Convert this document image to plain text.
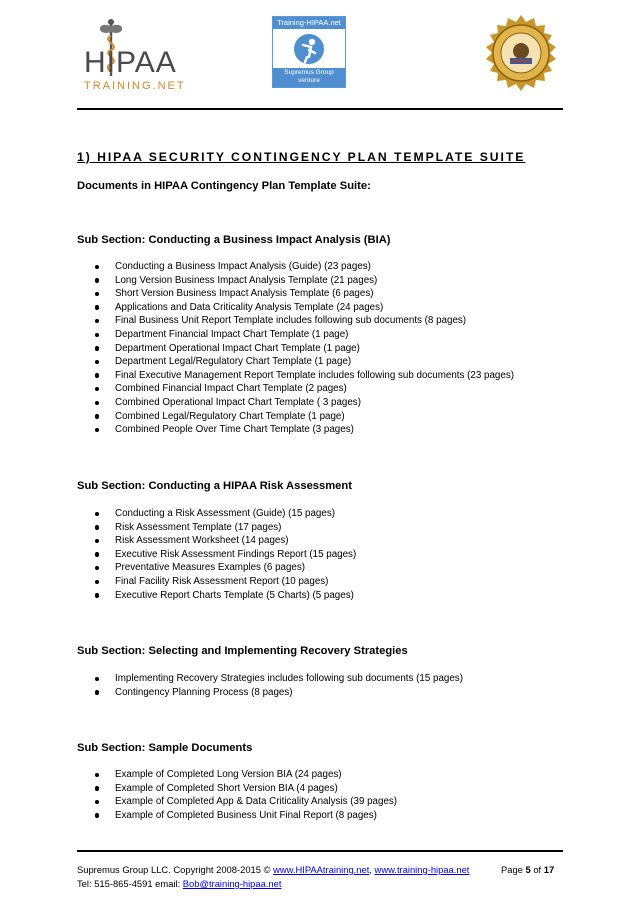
HIPAA
TRAINING.NET
Training-HIPAA.net
Supremus Group
venture
1) HIPAA SECURITY CONTINGENCY PLAN TEMPLATE SUITE
Documents in HIPAA Contingency Plan Template Suite:
Sub Section: Conducting a Business Impact Analysis (BIA)
Conducting a Business Impact Analysis (Guide) (23 pages)
Long Version Business Impact Analysis Template (21 pages)
Short Version Business Impact Analysis Template (6 pages)
Applications and Data Criticality Analysis Template (24 pages)
Final Business Unit Report Template includes following sub documents (8 pages)
Department Financial Impact Chart Template (1 page)
Department Operational Impact Chart Template (1 page)
Department Legal/Regulatory Chart Template (1 page)
Final Executive Management Report Template includes following sub documents (23 pages)
Combined Financial Impact Chart Template (2 pages)
Combined Operational Impact Chart Template ( 3 pages)
Combined Legal/Regulatory Chart Template (1 page)
Combined People Over Time Chart Template (3 pages)
Sub Section: Conducting a HIPAA Risk Assessment
Conducting a Risk Assessment (Guide) (15 pages)
Risk Assessment Template (17 pages)
Risk Assessment Worksheet (14 pages)
Executive Risk Assessment Findings Report (15 pages)
Preventative Measures Examples (6 pages)
Final Facility Risk Assessment Report (10 pages)
Executive Report Charts Template (5 Charts) (5 pages)
Sub Section: Selecting and Implementing Recovery Strategies
Implementing Recovery Strategies includes following sub documents (15 pages)
Contingency Planning Process (8 pages)
Sub Section: Sample Documents
Example of Completed Long Version BIA (24 pages)
Example of Completed Short Version BIA (4 pages)
Example of Completed App & Data Criticality Analysis (39 pages)
Example of Completed Business Unit Final Report (8 pages)
Supremus Group LLC. Copyright 2008-2015 © www.HIPAAtraining.net, www.training-hipaa.net	Page 5 of 17
Tel: 515-865-4591 email: Bob@training-hipaa.net
